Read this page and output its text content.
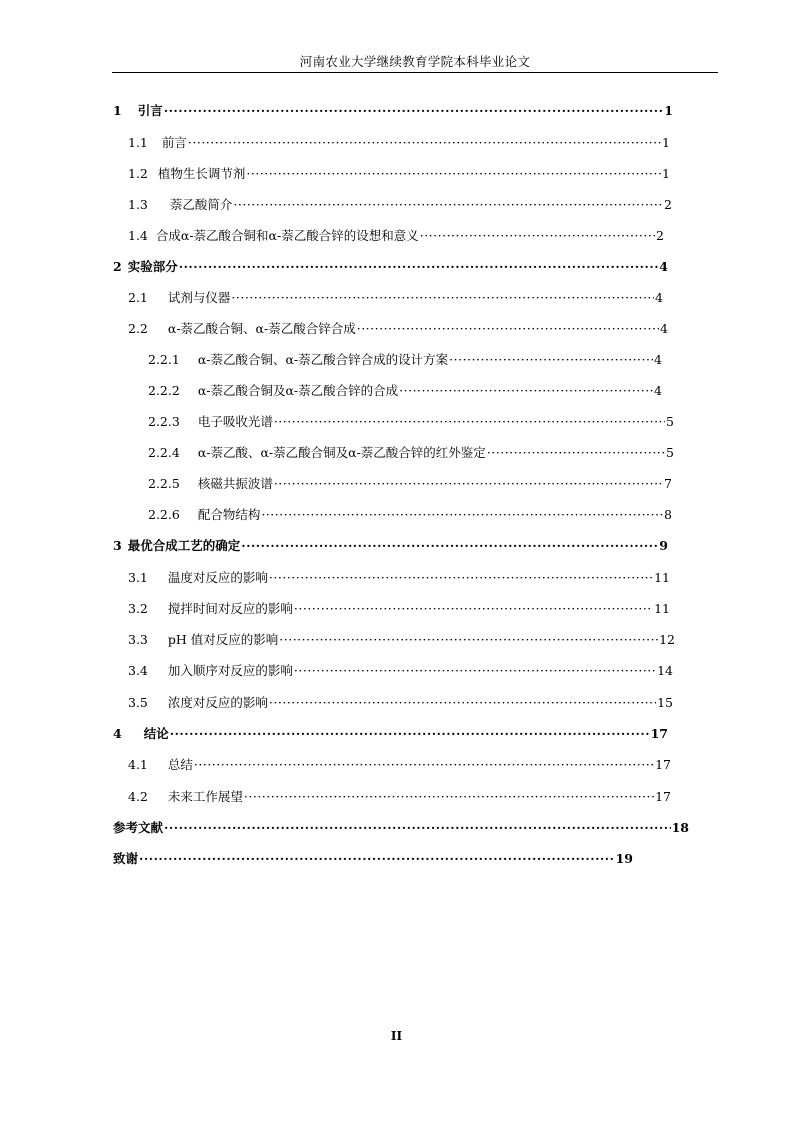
河南农业大学继续教育学院本科毕业论文
1 引言 ·····	1
1.1 前言 ·····	1
1.2 植物生长调节剂 ·····	1
1.3 萘乙酸简介 ·····	2
1.4 合成α-萘乙酸合铜和α-萘乙酸合锌的设想和意义 ·····	2
2 实验部分 ·····	4
2.1 试剂与仪器 ·····	4
2.2 α-萘乙酸合铜、α-萘乙酸合锌合成 ·····	4
2.2.1 α-萘乙酸合铜、α-萘乙酸合锌合成的设计方案 ·····	4
2.2.2 α-萘乙酸合铜及α-萘乙酸合锌的合成 ·····	4
2.2.3 电子吸收光谱 ·····	5
2.2.4 α-萘乙酸、α-萘乙酸合铜及α-萘乙酸合锌的红外鉴定 ·····	5
2.2.5 核磁共振波谱 ·····	7
2.2.6 配合物结构 ·····	8
3 最优合成工艺的确定 ·····	9
3.1 温度对反应的影响 ·····	11
3.2 搅拌时间对反应的影响 ·····	11
3.3 pH 值对反应的影响 ·····	12
3.4 加入顺序对反应的影响 ·····	14
3.5 浓度对反应的影响 ·····	15
4 结论 ·····	17
4.1 总结 ·····	17
4.2 未来工作展望 ·····	17
参考文献 ·····	18
致谢 ·····	19
II
